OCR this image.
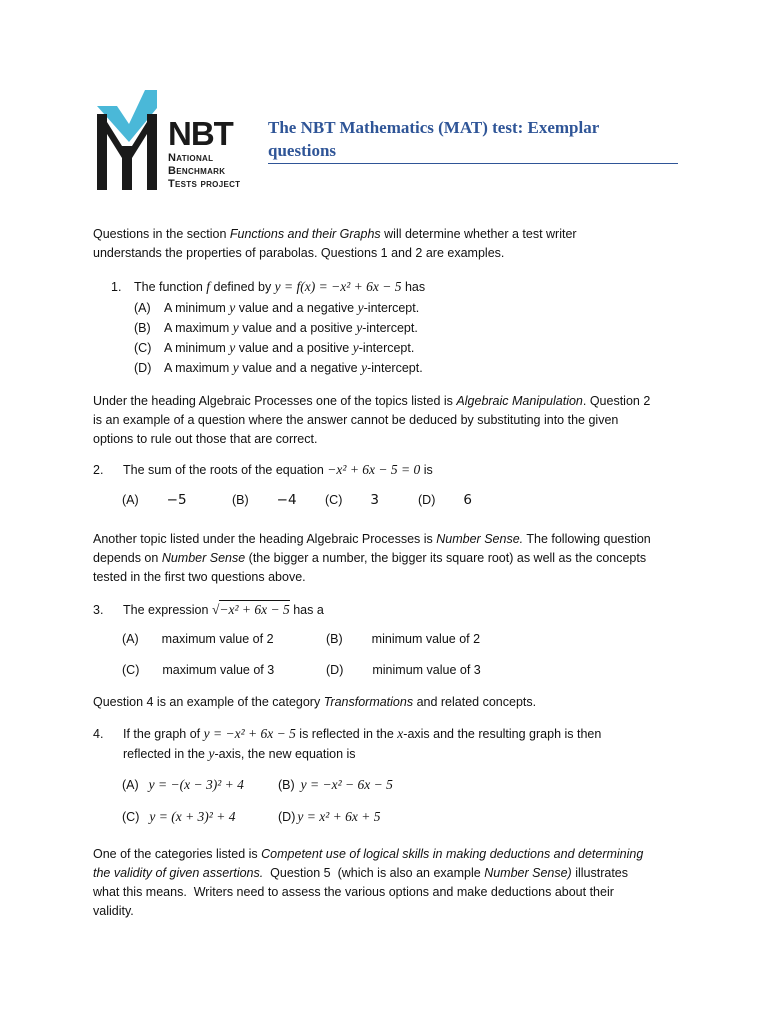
NBT
National
Benchmark
Tests project
The NBT Mathematics (MAT) test: Exemplar
questions
Questions in the section Functions and their Graphs will determine whether a test writer
understands the properties of parabolas. Questions 1 and 2 are examples.
1. The function f defined by y = f(x) = −x² + 6x − 5 has
(A) A minimum y value and a negative y-intercept.
(B) A maximum y value and a positive y-intercept.
(C) A minimum y value and a positive y-intercept.
(D) A maximum y value and a negative y-intercept.
Under the heading Algebraic Processes one of the topics listed is Algebraic Manipulation. Question 2
is an example of a question where the answer cannot be deduced by substituting into the given
options to rule out those that are correct.
2. The sum of the roots of the equation −x² + 6x − 5 = 0 is
(A) −5	(B) −4 (C) 3	(D) 6
Another topic listed under the heading Algebraic Processes is Number Sense. The following question
depends on Number Sense (the bigger a number, the bigger its square root) as well as the concepts
tested in the first two questions above.
3. The expression √−x² + 6x − 5 has a
(A) maximum value of 2	(B) minimum value of 2
(C) maximum value of 3	(D) minimum value of 3
Question 4 is an example of the category Transformations and related concepts.
4. If the graph of y = −x² + 6x − 5 is reflected in the x-axis and the resulting graph is then
reflected in the y-axis, the new equation is
(A) y = −(x − 3)² + 4	(B) y = −x² − 6x − 5
(C) y = (x + 3)² + 4	(D) y = x² + 6x + 5
One of the categories listed is Competent use of logical skills in making deductions and determining
the validity of given assertions.  Question 5  (which is also an example Number Sense) illustrates
what this means.  Writers need to assess the various options and make deductions about their
validity.
